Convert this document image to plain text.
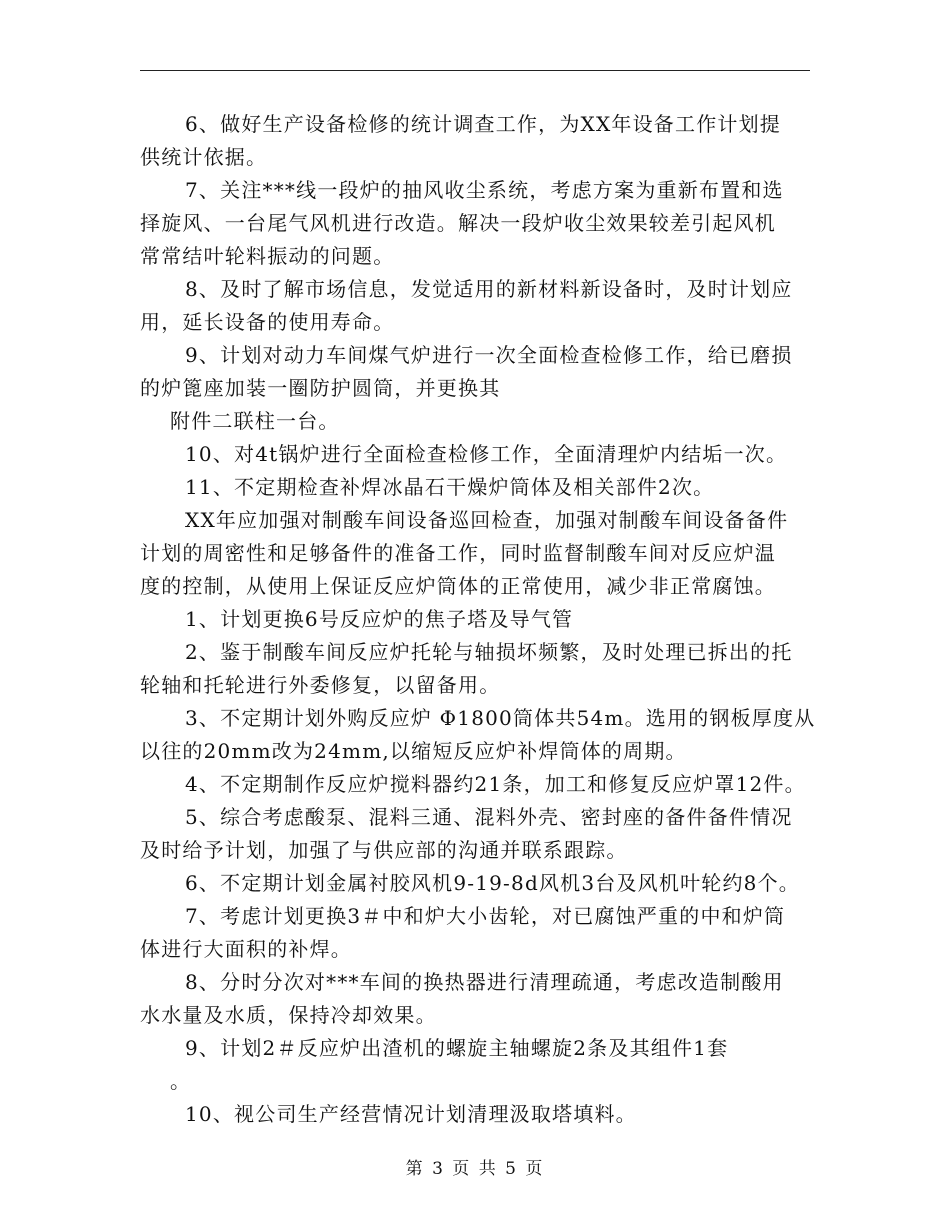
6、做好生产设备检修的统计调查工作，为XX年设备工作计划提
供统计依据。
7、关注***线一段炉的抽风收尘系统，考虑方案为重新布置和选
择旋风、一台尾气风机进行改造。解决一段炉收尘效果较差引起风机
常常结叶轮料振动的问题。
8、及时了解市场信息，发觉适用的新材料新设备时，及时计划应
用，延长设备的使用寿命。
9、计划对动力车间煤气炉进行一次全面检查检修工作，给已磨损
的炉篦座加装一圈防护圆筒，并更换其
附件二联柱一台。
10、对4t锅炉进行全面检查检修工作，全面清理炉内结垢一次。
11、不定期检查补焊冰晶石干燥炉筒体及相关部件2次。
XX年应加强对制酸车间设备巡回检查，加强对制酸车间设备备件
计划的周密性和足够备件的准备工作，同时监督制酸车间对反应炉温
度的控制，从使用上保证反应炉筒体的正常使用，减少非正常腐蚀。
1、计划更换6号反应炉的焦子塔及导气管
2、鉴于制酸车间反应炉托轮与轴损坏频繁，及时处理已拆出的托
轮轴和托轮进行外委修复，以留备用。
3、不定期计划外购反应炉 Φ1800筒体共54m。选用的钢板厚度从
以往的20mm改为24mm,以缩短反应炉补焊筒体的周期。
4、不定期制作反应炉搅料器约21条，加工和修复反应炉罩12件。
5、综合考虑酸泵、混料三通、混料外壳、密封座的备件备件情况
及时给予计划，加强了与供应部的沟通并联系跟踪。
6、不定期计划金属衬胶风机9-19-8d风机3台及风机叶轮约8个。
7、考虑计划更换3＃中和炉大小齿轮，对已腐蚀严重的中和炉筒
体进行大面积的补焊。
8、分时分次对***车间的换热器进行清理疏通，考虑改造制酸用
水水量及水质，保持冷却效果。
9、计划2＃反应炉出渣机的螺旋主轴螺旋2条及其组件1套
。
10、视公司生产经营情况计划清理汲取塔填料。
第 3 页 共 5 页
